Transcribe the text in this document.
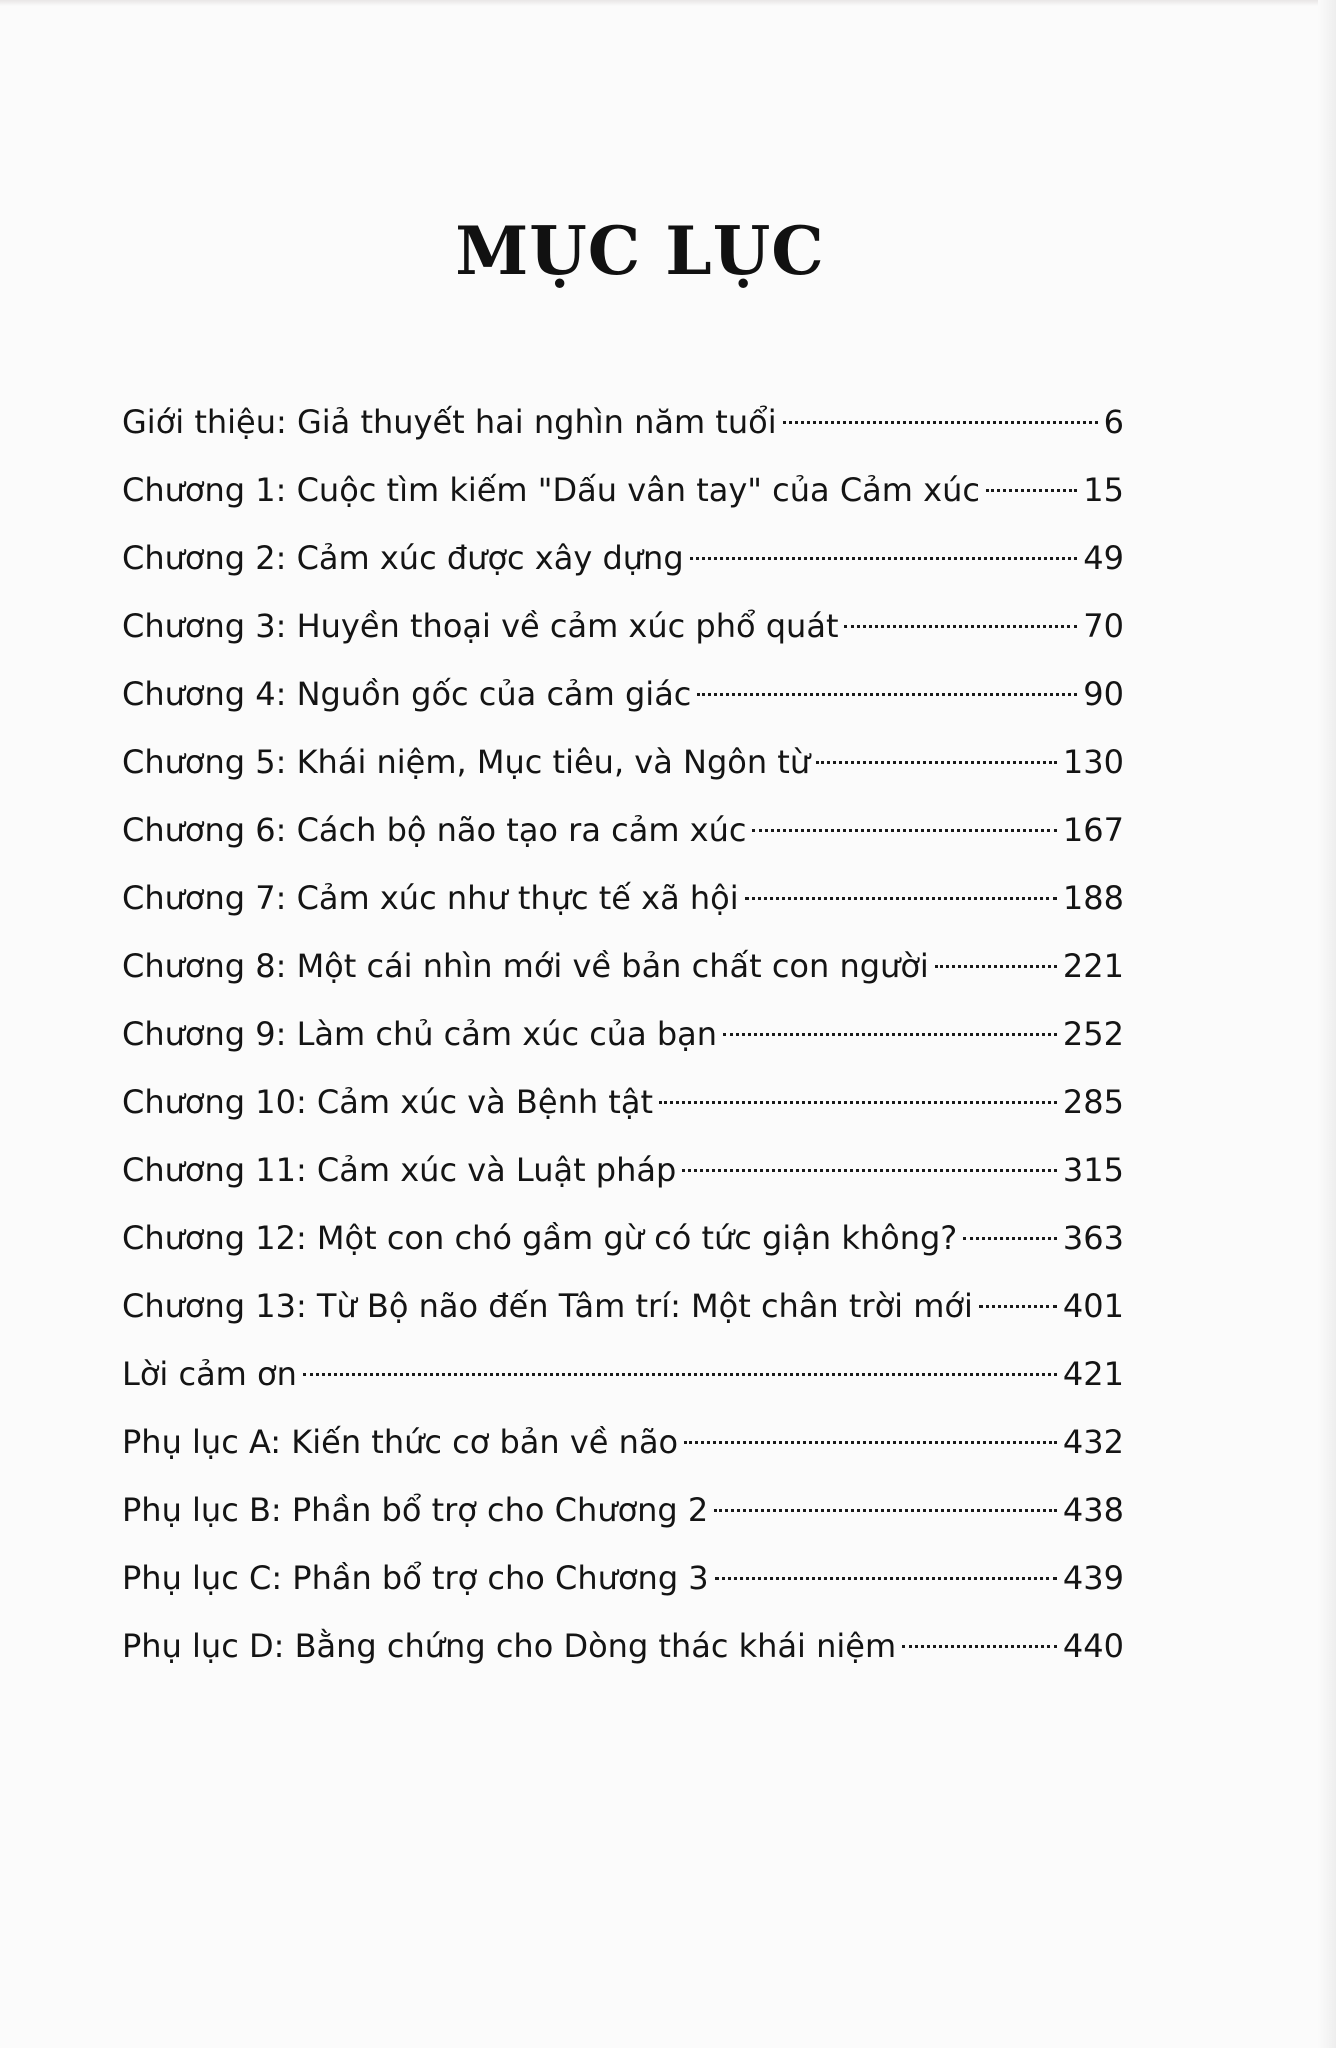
MỤC LỤC
Giới thiệu: Giả thuyết hai nghìn năm tuổi	6
Chương 1: Cuộc tìm kiếm "Dấu vân tay" của Cảm xúc	15
Chương 2: Cảm xúc được xây dựng	49
Chương 3: Huyền thoại về cảm xúc phổ quát	70
Chương 4: Nguồn gốc của cảm giác	90
Chương 5: Khái niệm, Mục tiêu, và Ngôn từ	130
Chương 6: Cách bộ não tạo ra cảm xúc	167
Chương 7: Cảm xúc như thực tế xã hội	188
Chương 8: Một cái nhìn mới về bản chất con người	221
Chương 9: Làm chủ cảm xúc của bạn	252
Chương 10: Cảm xúc và Bệnh tật	285
Chương 11: Cảm xúc và Luật pháp	315
Chương 12: Một con chó gầm gừ có tức giận không?	363
Chương 13: Từ Bộ não đến Tâm trí: Một chân trời mới	401
Lời cảm ơn	421
Phụ lục A: Kiến thức cơ bản về não	432
Phụ lục B: Phần bổ trợ cho Chương 2	438
Phụ lục C: Phần bổ trợ cho Chương 3	439
Phụ lục D: Bằng chứng cho Dòng thác khái niệm	440
